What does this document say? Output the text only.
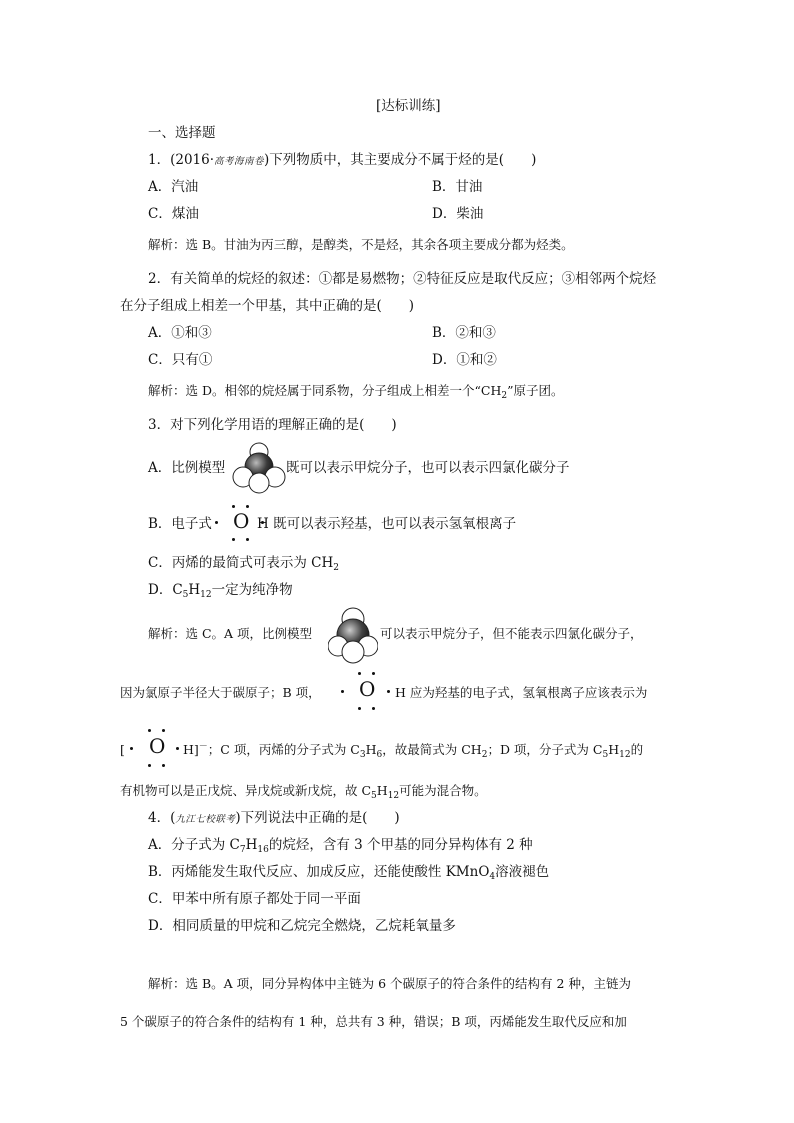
[达标训练]
一、选择题
1．(2016·高考海南卷)下列物质中，其主要成分不属于烃的是(　　)
A．汽油	B．甘油
C．煤油	D．柴油
解析：选 B。甘油为丙三醇，是醇类，不是烃，其余各项主要成分都为烃类。
2．有关简单的烷烃的叙述：①都是易燃物；②特征反应是取代反应；③相邻两个烷烃
在分子组成上相差一个甲基，其中正确的是(　　)
A．①和③	B．②和③
C．只有①	D．①和②
解析：选 D。相邻的烷烃属于同系物，分子组成上相差一个“$CH_2$”原子团。
3．对下列化学用语的理解正确的是(　　)
A．比例模型	既可以表示甲烷分子，也可以表示四氯化碳分子
B．电子式 O H 既可以表示羟基，也可以表示氢氧根离子
C．丙烯的最简式可表示为 $CH_2$
D．$C_5H_{12}$一定为纯净物
解析：选 C。A 项，比例模型	可以表示甲烷分子，但不能表示四氯化碳分子，
因为氯原子半径大于碳原子；B 项， O H 应为羟基的电子式，氢氧根离子应该表示为
[ O H]－；C 项，丙烯的分子式为 $C_3H_6$，故最简式为 $CH_2$；D 项，分子式为 $C_5H_{12}$的
有机物可以是正戊烷、异戊烷或新戊烷，故 $C_5H_{12}$可能为混合物。
4．(九江七校联考)下列说法中正确的是(　　)
A．分子式为 $C_7H_{16}$的烷烃，含有 3 个甲基的同分异构体有 2 种
B．丙烯能发生取代反应、加成反应，还能使酸性 KMnO$_4$溶液褪色
C．甲苯中所有原子都处于同一平面
D．相同质量的甲烷和乙烷完全燃烧，乙烷耗氧量多
解析：选 B。A 项，同分异构体中主链为 6 个碳原子的符合条件的结构有 2 种，主链为
5 个碳原子的符合条件的结构有 1 种，总共有 3 种，错误；B 项，丙烯能发生取代反应和加
